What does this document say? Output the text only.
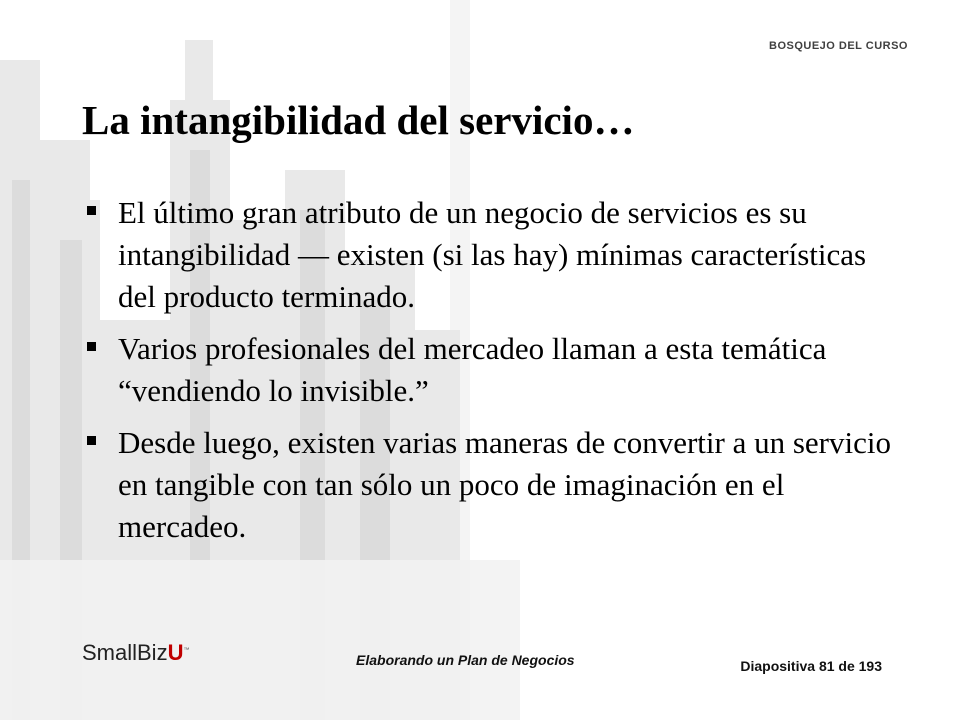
BOSQUEJO DEL CURSO
La intangibilidad del servicio…
El último gran atributo de un negocio de servicios es su intangibilidad — existen (si las hay) mínimas características del producto terminado.
Varios profesionales del mercadeo llaman a esta temática “vendiendo lo invisible.”
Desde luego, existen varias maneras de convertir a un servicio en tangible con tan sólo un poco de imaginación en el mercadeo.
SmallBizU™
Elaborando un Plan de Negocios	Diapositiva 81 de 193
